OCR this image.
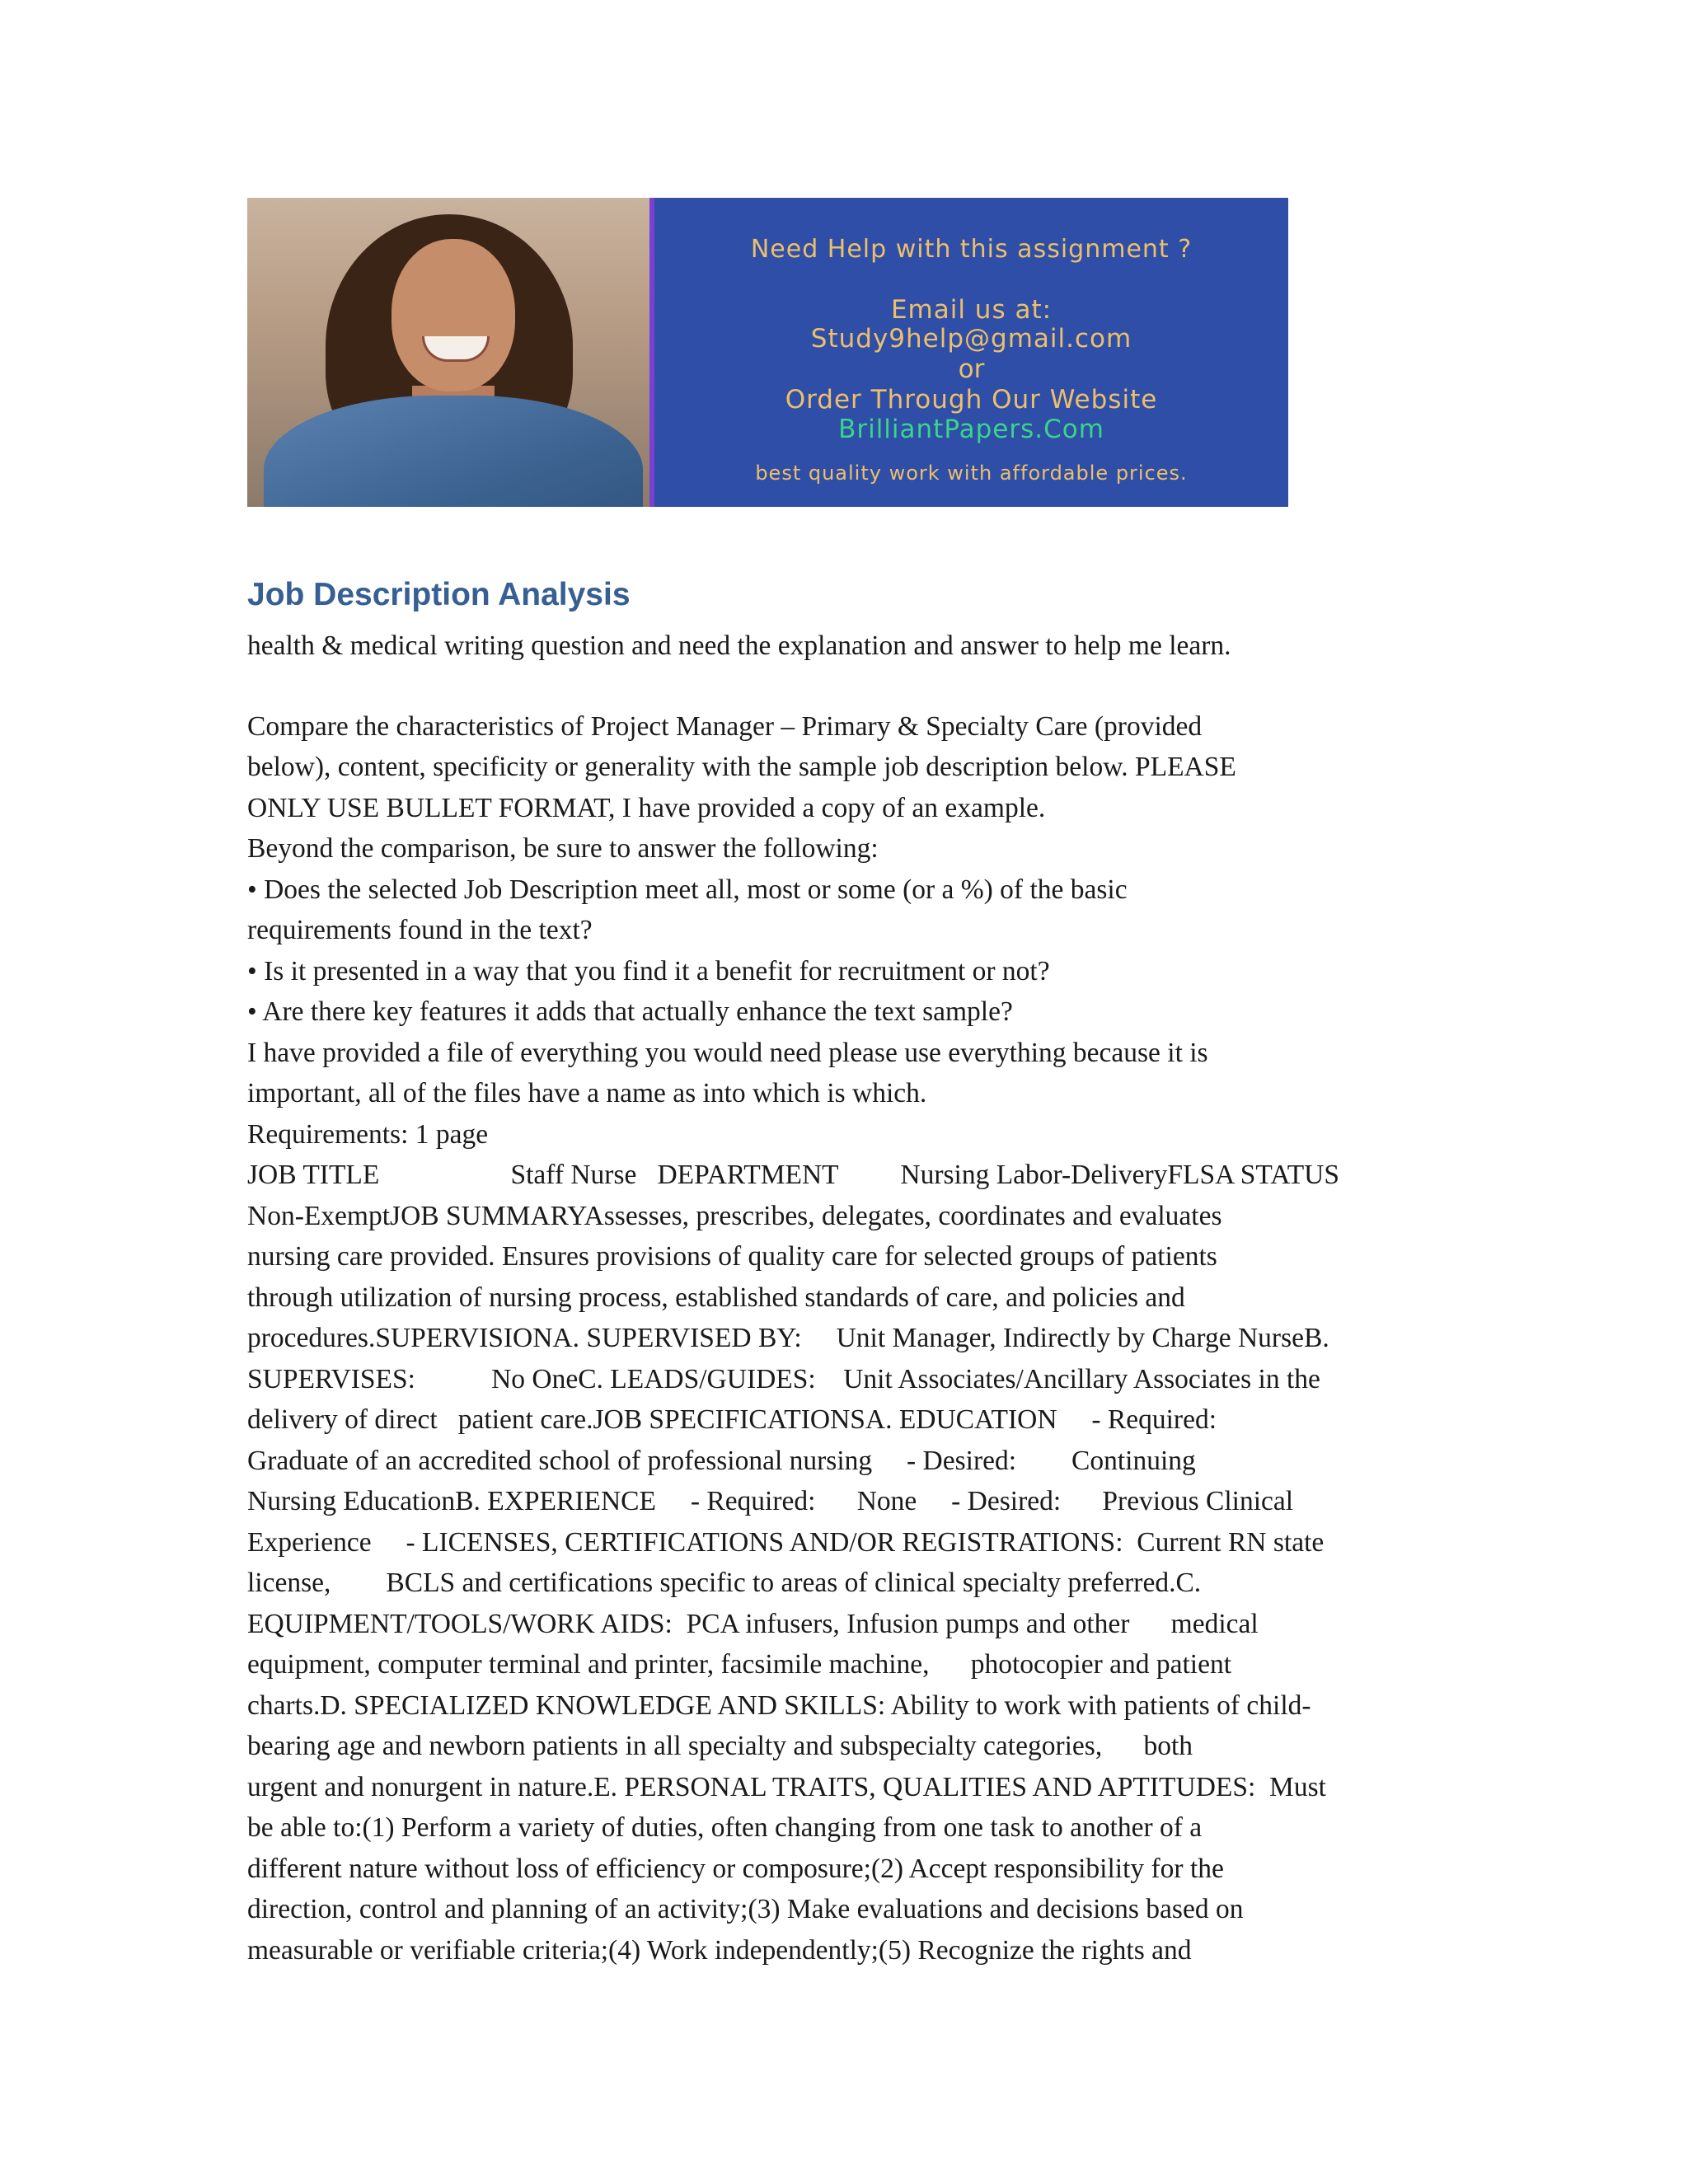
Need Help with this assignment ?
Email us at:
Study9help@gmail.com
or
Order Through Our Website
BrilliantPapers.Com
best quality work with affordable prices.
Job Description Analysis

health & medical writing question and need the explanation and answer to help me learn.

Compare the characteristics of Project Manager – Primary & Specialty Care (provided

below), content, specificity or generality with the sample job description below. PLEASE

ONLY USE BULLET FORMAT, I have provided a copy of an example.

Beyond the comparison, be sure to answer the following:

• Does the selected Job Description meet all, most or some (or a %) of the basic

requirements found in the text?

• Is it presented in a way that you find it a benefit for recruitment or not?

• Are there key features it adds that actually enhance the text sample?

I have provided a file of everything you would need please use everything because it is

important, all of the files have a name as into which is which.

Requirements: 1 page

JOB TITLE                   Staff Nurse   DEPARTMENT         Nursing Labor-DeliveryFLSA STATUS

Non-ExemptJOB SUMMARYAssesses, prescribes, delegates, coordinates and evaluates

nursing care provided. Ensures provisions of quality care for selected groups of patients

through utilization of nursing process, established standards of care, and policies and

procedures.SUPERVISIONA. SUPERVISED BY:     Unit Manager, Indirectly by Charge NurseB.

SUPERVISES:           No OneC. LEADS/GUIDES:    Unit Associates/Ancillary Associates in the

delivery of direct   patient care.JOB SPECIFICATIONSA. EDUCATION     - Required:

Graduate of an accredited school of professional nursing     - Desired:        Continuing

Nursing EducationB. EXPERIENCE     - Required:      None     - Desired:      Previous Clinical

Experience     - LICENSES, CERTIFICATIONS AND/OR REGISTRATIONS:  Current RN state

license,        BCLS and certifications specific to areas of clinical specialty preferred.C.

EQUIPMENT/TOOLS/WORK AIDS:  PCA infusers, Infusion pumps and other      medical

equipment, computer terminal and printer, facsimile machine,      photocopier and patient

charts.D. SPECIALIZED KNOWLEDGE AND SKILLS: Ability to work with patients of child-

bearing age and newborn patients in all specialty and subspecialty categories,      both

urgent and nonurgent in nature.E. PERSONAL TRAITS, QUALITIES AND APTITUDES:  Must

be able to:(1) Perform a variety of duties, often changing from one task to another of a

different nature without loss of efficiency or composure;(2) Accept responsibility for the

direction, control and planning of an activity;(3) Make evaluations and decisions based on

measurable or verifiable criteria;(4) Work independently;(5) Recognize the rights and
